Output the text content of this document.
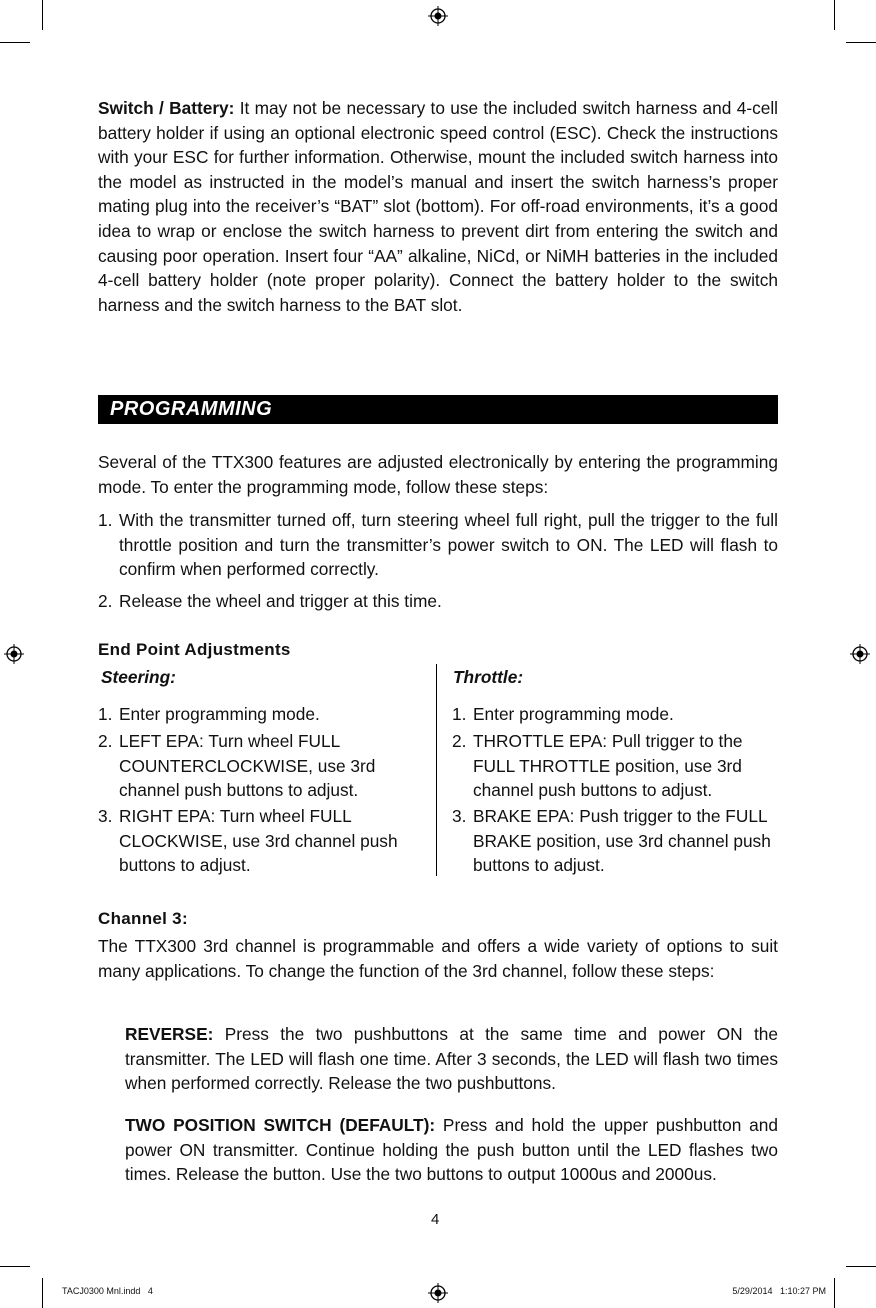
Switch / Battery: It may not be necessary to use the included switch harness and 4-cell battery holder if using an optional electronic speed control (ESC). Check the instructions with your ESC for further information. Otherwise, mount the included switch harness into the model as instructed in the model’s manual and insert the switch harness’s proper mating plug into the receiver’s “BAT” slot (bottom). For off-road environments, it’s a good idea to wrap or enclose the switch harness to prevent dirt from entering the switch and causing poor operation. Insert four “AA” alkaline, NiCd, or NiMH batteries in the included 4-cell battery holder (note proper polarity). Connect the battery holder to the switch harness and the switch harness to the BAT slot.

PROGRAMMING

Several of the TTX300 features are adjusted electronically by entering the programming mode. To enter the programming mode, follow these steps:

1. With the transmitter turned off, turn steering wheel full right, pull the trigger to the full throttle position and turn the transmitter’s power switch to ON. The LED will flash to confirm when performed correctly.
2. Release the wheel and trigger at this time.
End Point Adjustments
Steering:	Throttle:
1. Enter programming mode.
2. LEFT EPA: Turn wheel FULL COUNTERCLOCKWISE, use 3rd channel push buttons to adjust.
3. RIGHT EPA: Turn wheel FULL CLOCKWISE, use 3rd channel push buttons to adjust.
1. Enter programming mode.
2. THROTTLE EPA: Pull trigger to the FULL THROTTLE position, use 3rd channel push buttons to adjust.
3. BRAKE EPA: Push trigger to the FULL BRAKE position, use 3rd channel push buttons to adjust.
Channel 3:

The TTX300 3rd channel is programmable and offers a wide variety of options to suit many applications. To change the function of the 3rd channel, follow these steps:

REVERSE: Press the two pushbuttons at the same time and power ON the transmitter. The LED will flash one time. After 3 seconds, the LED will flash two times when performed correctly. Release the two pushbuttons.

TWO POSITION SWITCH (DEFAULT): Press and hold the upper pushbutton and power ON transmitter. Continue holding the push button until the LED flashes two times. Release the button. Use the two buttons to output 1000us and 2000us.

4
TACJ0300 Mnl.indd   4	5/29/2014   1:10:27 PM
